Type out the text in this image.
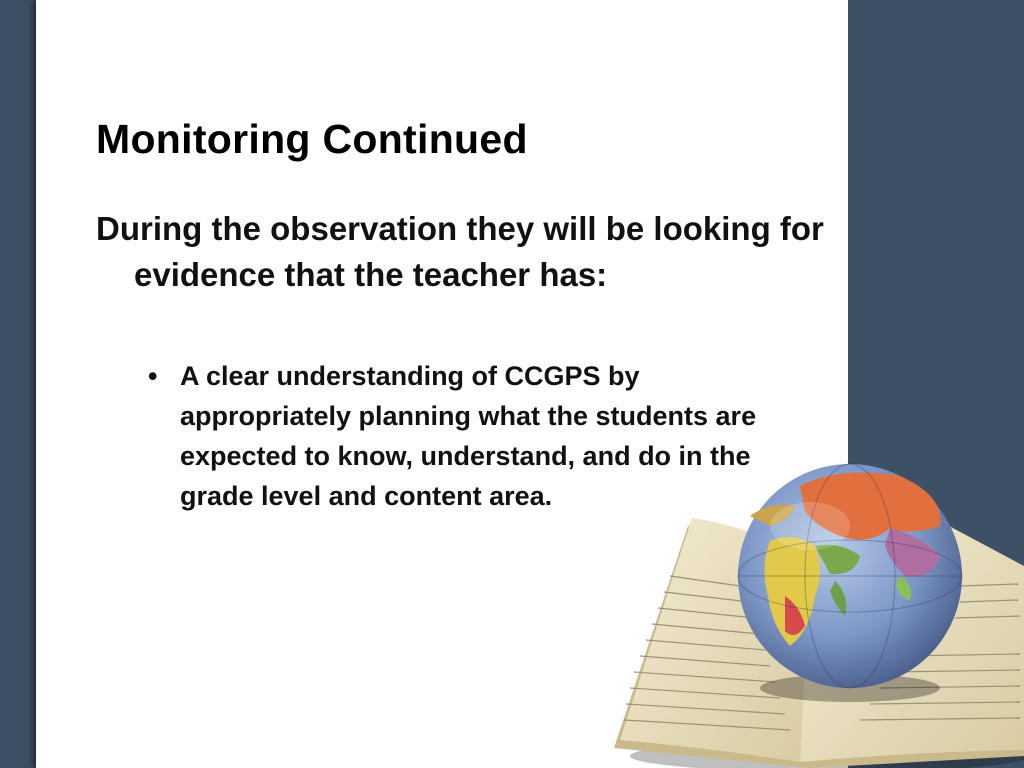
Monitoring Continued
During the observation they will be looking for evidence that the teacher has:
• A clear understanding of CCGPS by appropriately planning what the students are expected to know, understand, and do in the grade level and content area.
